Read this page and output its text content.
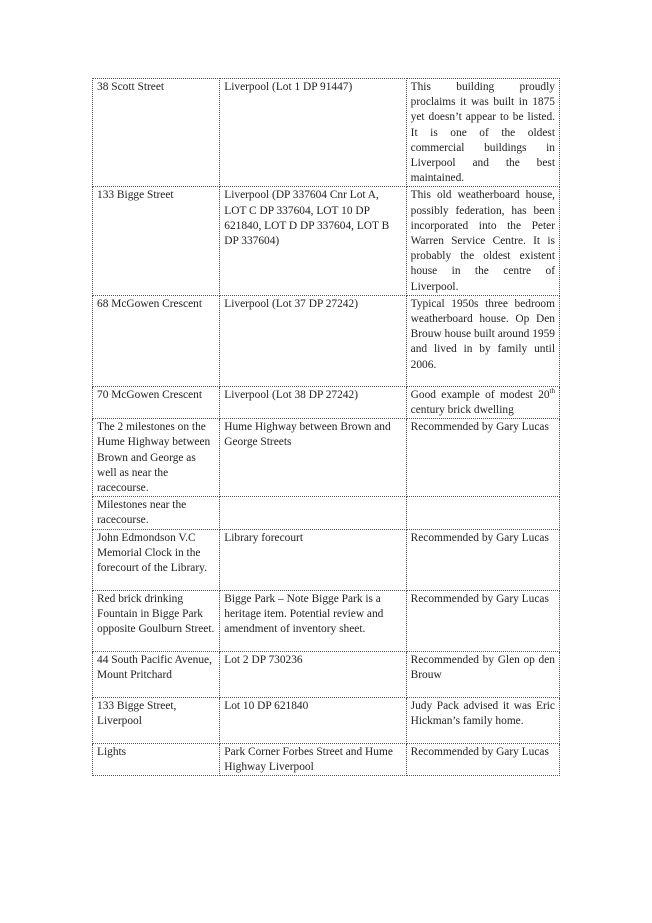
38 Scott Street	Liverpool (Lot 1 DP 91447)	This building proudly proclaims it was built in 1875 yet doesn’t appear to be listed. It is one of the oldest commercial buildings in Liverpool and the best maintained.
133 Bigge Street	Liverpool (DP 337604 Cnr Lot A, LOT C DP 337604, LOT 10 DP 621840, LOT D DP 337604, LOT B DP 337604)	This old weatherboard house, possibly federation, has been incorporated into the Peter Warren Service Centre. It is probably the oldest existent house in the centre of Liverpool.
68 McGowen Crescent	Liverpool (Lot 37 DP 27242)	Typical 1950s three bedroom weatherboard house. Op Den Brouw house built around 1959 and lived in by family until 2006.
70 McGowen Crescent	Liverpool (Lot 38 DP 27242)	Good example of modest 20th century brick dwelling
The 2 milestones on the Hume Highway between Brown and George as well as near the racecourse.	Hume Highway between Brown and George Streets	Recommended by Gary Lucas
Milestones near the racecourse.		
John Edmondson V.C Memorial Clock in the forecourt of the Library.	Library forecourt	Recommended by Gary Lucas
Red brick drinking Fountain in Bigge Park opposite Goulburn Street.	Bigge Park – Note Bigge Park is a heritage item. Potential review and amendment of inventory sheet.	Recommended by Gary Lucas
44 South Pacific Avenue, Mount Pritchard	Lot 2 DP 730236	Recommended by Glen op den Brouw
133 Bigge Street, Liverpool	Lot 10 DP 621840	Judy Pack advised it was Eric Hickman’s family home.
Lights	Park Corner Forbes Street and Hume Highway Liverpool	Recommended by Gary Lucas
